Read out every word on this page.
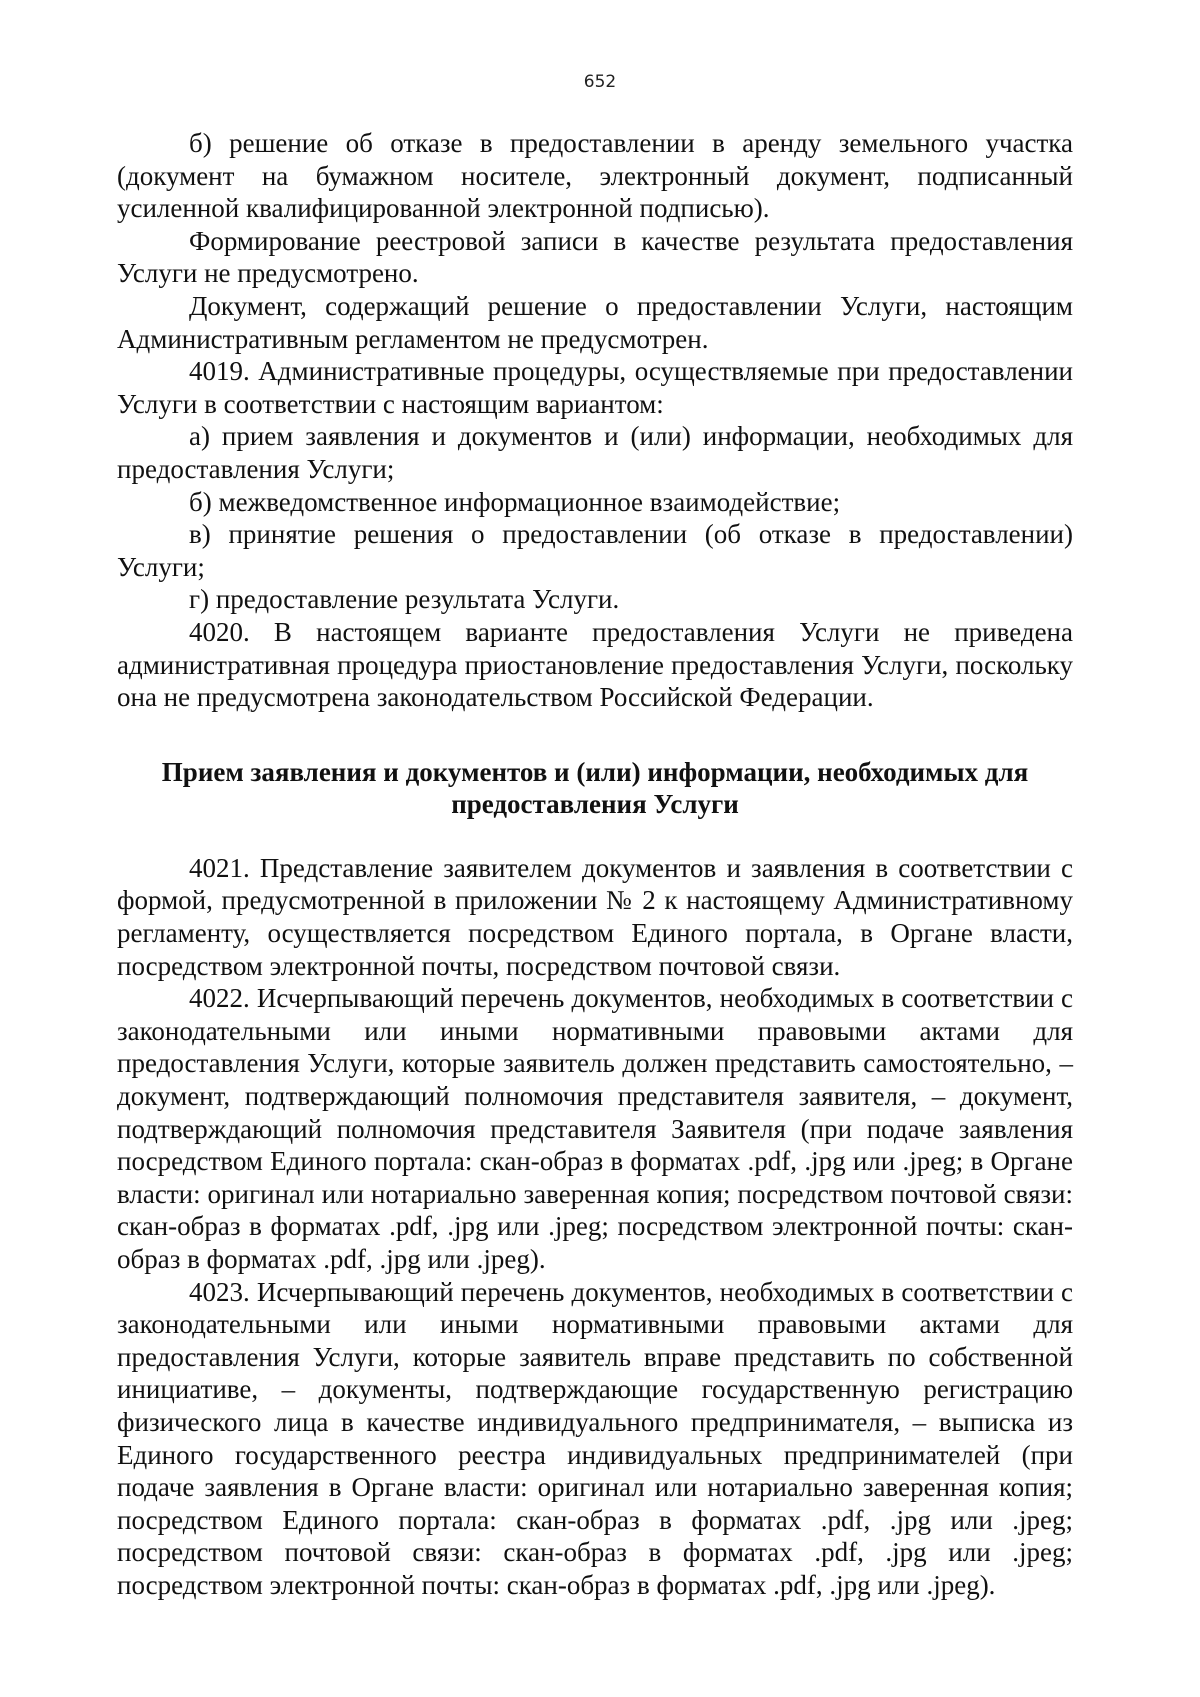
652

б) решение об отказе в предоставлении в аренду земельного участка (документ на бумажном носителе, электронный документ, подписанный усиленной квалифицированной электронной подписью).

Формирование реестровой записи в качестве результата предоставления Услуги не предусмотрено.

Документ, содержащий решение о предоставлении Услуги, настоящим Административным регламентом не предусмотрен.

4019. Административные процедуры, осуществляемые при предоставлении Услуги в соответствии с настоящим вариантом:

а) прием заявления и документов и (или) информации, необходимых для предоставления Услуги;

б) межведомственное информационное взаимодействие;

в) принятие решения о предоставлении (об отказе в предоставлении) Услуги;

г) предоставление результата Услуги.

4020. В настоящем варианте предоставления Услуги не приведена административная процедура приостановление предоставления Услуги, поскольку она не предусмотрена законодательством Российской Федерации.

Прием заявления и документов и (или) информации, необходимых для
предоставления Услуги

4021. Представление заявителем документов и заявления в соответствии с формой, предусмотренной в приложении № 2 к настоящему Административному регламенту, осуществляется посредством Единого портала, в Органе власти, посредством электронной почты, посредством почтовой связи.

4022. Исчерпывающий перечень документов, необходимых в соответствии с законодательными или иными нормативными правовыми актами для предоставления Услуги, которые заявитель должен представить самостоятельно, – документ, подтверждающий полномочия представителя заявителя, – документ, подтверждающий полномочия представителя Заявителя (при подаче заявления посредством Единого портала: скан-образ в форматах .pdf, .jpg или .jpeg; в Органе власти: оригинал или нотариально заверенная копия; посредством почтовой связи: скан-образ в форматах .pdf, .jpg или .jpeg; посредством электронной почты: скан-образ в форматах .pdf, .jpg или .jpeg).

4023. Исчерпывающий перечень документов, необходимых в соответствии с законодательными или иными нормативными правовыми актами для предоставления Услуги, которые заявитель вправе представить по собственной инициативе, – документы, подтверждающие государственную регистрацию физического лица в качестве индивидуального предпринимателя, – выписка из Единого государственного реестра индивидуальных предпринимателей (при подаче заявления в Органе власти: оригинал или нотариально заверенная копия; посредством Единого портала: скан-образ в форматах .pdf, .jpg или .jpeg; посредством почтовой связи: скан-образ в форматах .pdf, .jpg или .jpeg; посредством электронной почты: скан-образ в форматах .pdf, .jpg или .jpeg).
